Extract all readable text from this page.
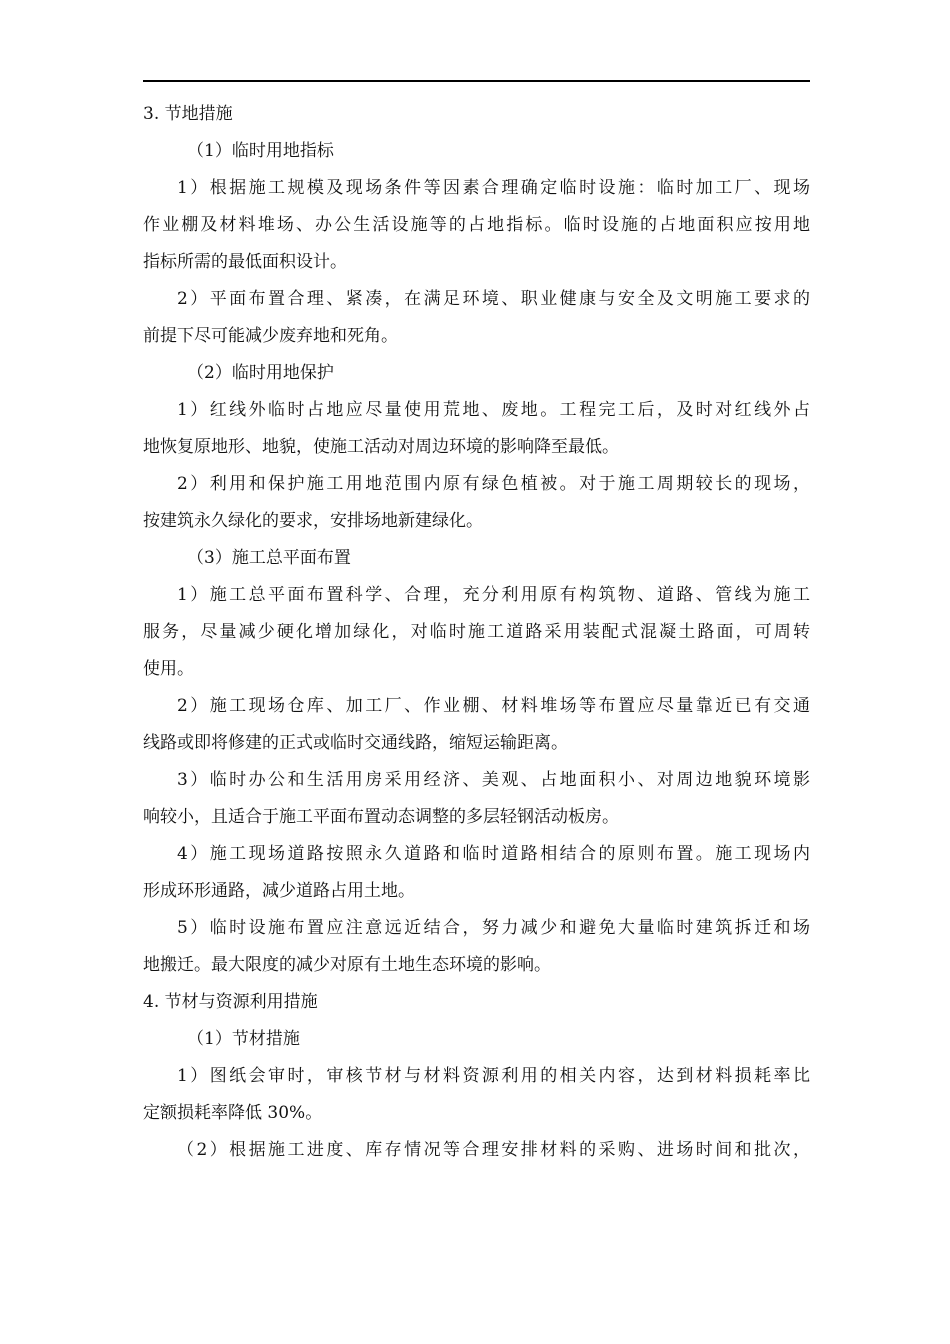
3. 节地措施
（1）临时用地指标
1）根据施工规模及现场条件等因素合理确定临时设施：临时加工厂、现场
作业棚及材料堆场、办公生活设施等的占地指标。临时设施的占地面积应按用地
指标所需的最低面积设计。
2）平面布置合理、紧凑，在满足环境、职业健康与安全及文明施工要求的
前提下尽可能减少废弃地和死角。
（2）临时用地保护
1）红线外临时占地应尽量使用荒地、废地。工程完工后，及时对红线外占
地恢复原地形、地貌，使施工活动对周边环境的影响降至最低。
2）利用和保护施工用地范围内原有绿色植被。对于施工周期较长的现场，
按建筑永久绿化的要求，安排场地新建绿化。
（3）施工总平面布置
1）施工总平面布置科学、合理，充分利用原有构筑物、道路、管线为施工
服务，尽量减少硬化增加绿化，对临时施工道路采用装配式混凝土路面，可周转
使用。
2）施工现场仓库、加工厂、作业棚、材料堆场等布置应尽量靠近已有交通
线路或即将修建的正式或临时交通线路，缩短运输距离。
3）临时办公和生活用房采用经济、美观、占地面积小、对周边地貌环境影
响较小，且适合于施工平面布置动态调整的多层轻钢活动板房。
4）施工现场道路按照永久道路和临时道路相结合的原则布置。施工现场内
形成环形通路，减少道路占用土地。
5）临时设施布置应注意远近结合，努力减少和避免大量临时建筑拆迁和场
地搬迁。最大限度的减少对原有土地生态环境的影响。
4. 节材与资源利用措施
（1）节材措施
1）图纸会审时，审核节材与材料资源利用的相关内容，达到材料损耗率比
定额损耗率降低 30%。
（2）根据施工进度、库存情况等合理安排材料的采购、进场时间和批次，
